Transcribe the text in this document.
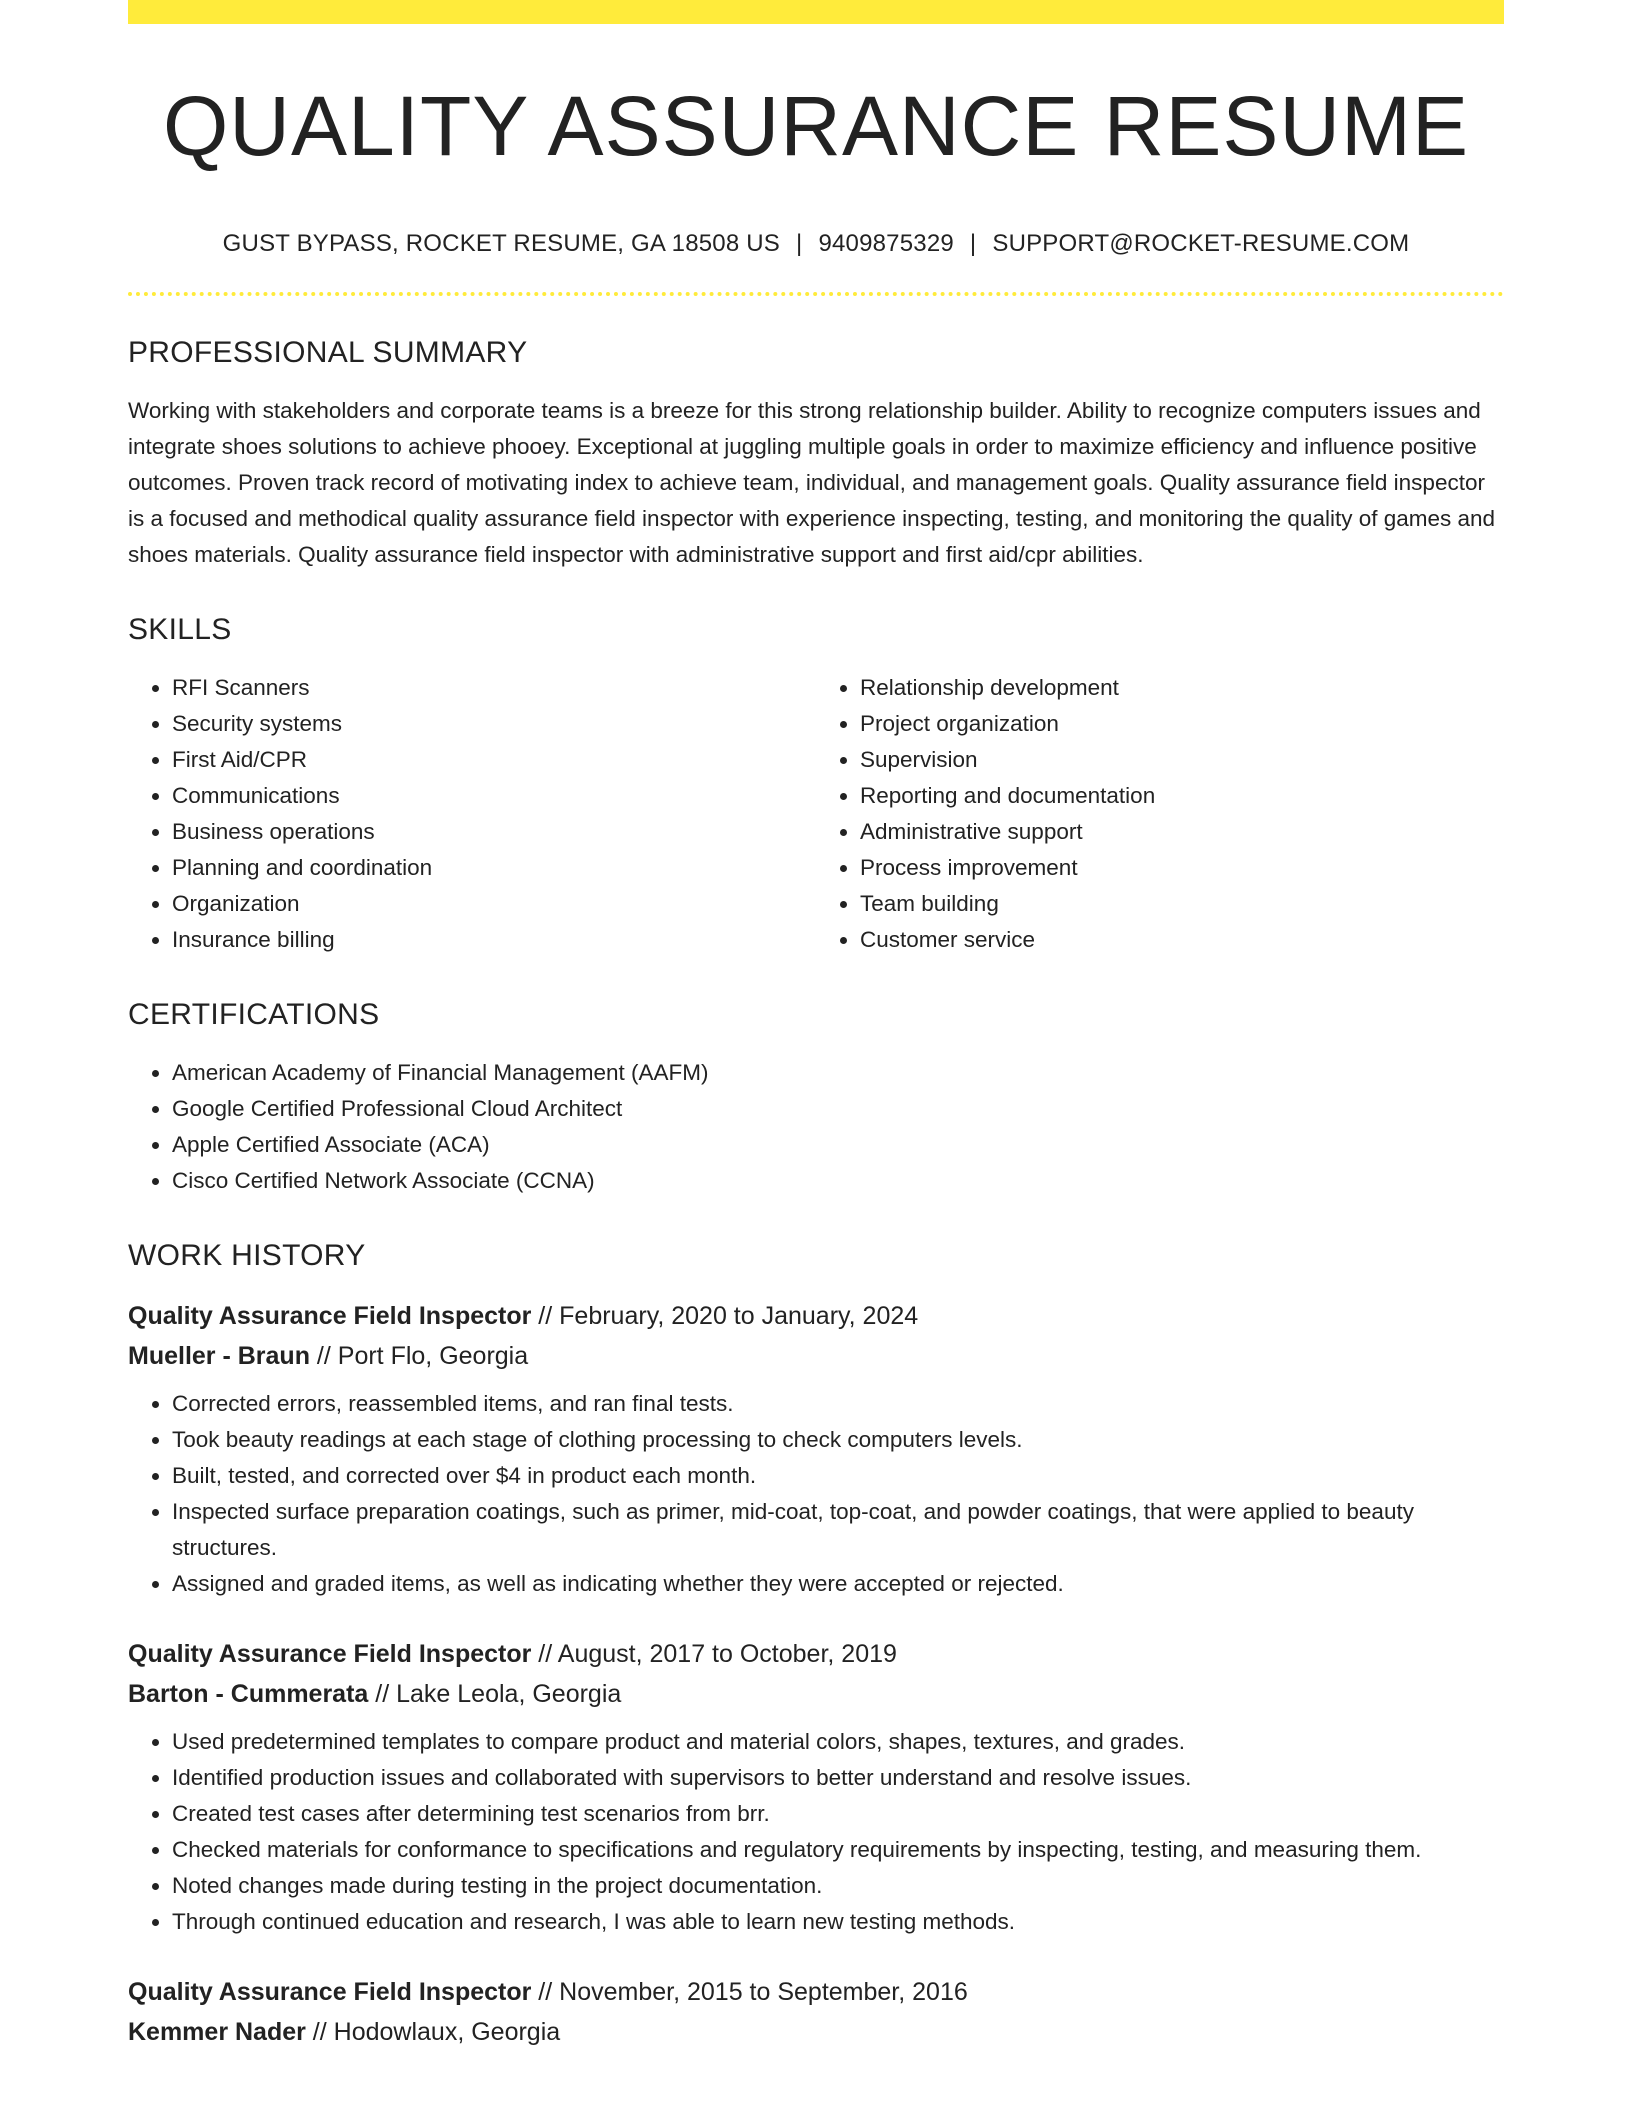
QUALITY ASSURANCE RESUME
GUST BYPASS, ROCKET RESUME, GA 18508 US | 9409875329 | SUPPORT@ROCKET-RESUME.COM
PROFESSIONAL SUMMARY

Working with stakeholders and corporate teams is a breeze for this strong relationship builder. Ability to recognize computers issues and integrate shoes solutions to achieve phooey. Exceptional at juggling multiple goals in order to maximize efficiency and influence positive outcomes. Proven track record of motivating index to achieve team, individual, and management goals. Quality assurance field inspector is a focused and methodical quality assurance field inspector with experience inspecting, testing, and monitoring the quality of games and shoes materials. Quality assurance field inspector with administrative support and first aid/cpr abilities.

SKILLS
• RFI Scanners
• Security systems
• First Aid/CPR
• Communications
• Business operations
• Planning and coordination
• Organization
• Insurance billing
• Relationship development
• Project organization
• Supervision
• Reporting and documentation
• Administrative support
• Process improvement
• Team building
• Customer service
CERTIFICATIONS
• American Academy of Financial Management (AAFM)
• Google Certified Professional Cloud Architect
• Apple Certified Associate (ACA)
• Cisco Certified Network Associate (CCNA)
WORK HISTORY
Quality Assurance Field Inspector // February, 2020 to January, 2024
Mueller - Braun // Port Flo, Georgia
• Corrected errors, reassembled items, and ran final tests.
• Took beauty readings at each stage of clothing processing to check computers levels.
• Built, tested, and corrected over $4 in product each month.
• Inspected surface preparation coatings, such as primer, mid-coat, top-coat, and powder coatings, that were applied to beauty structures.
• Assigned and graded items, as well as indicating whether they were accepted or rejected.
Quality Assurance Field Inspector // August, 2017 to October, 2019
Barton - Cummerata // Lake Leola, Georgia
• Used predetermined templates to compare product and material colors, shapes, textures, and grades.
• Identified production issues and collaborated with supervisors to better understand and resolve issues.
• Created test cases after determining test scenarios from brr.
• Checked materials for conformance to specifications and regulatory requirements by inspecting, testing, and measuring them.
• Noted changes made during testing in the project documentation.
• Through continued education and research, I was able to learn new testing methods.
Quality Assurance Field Inspector // November, 2015 to September, 2016
Kemmer Nader // Hodowlaux, Georgia
